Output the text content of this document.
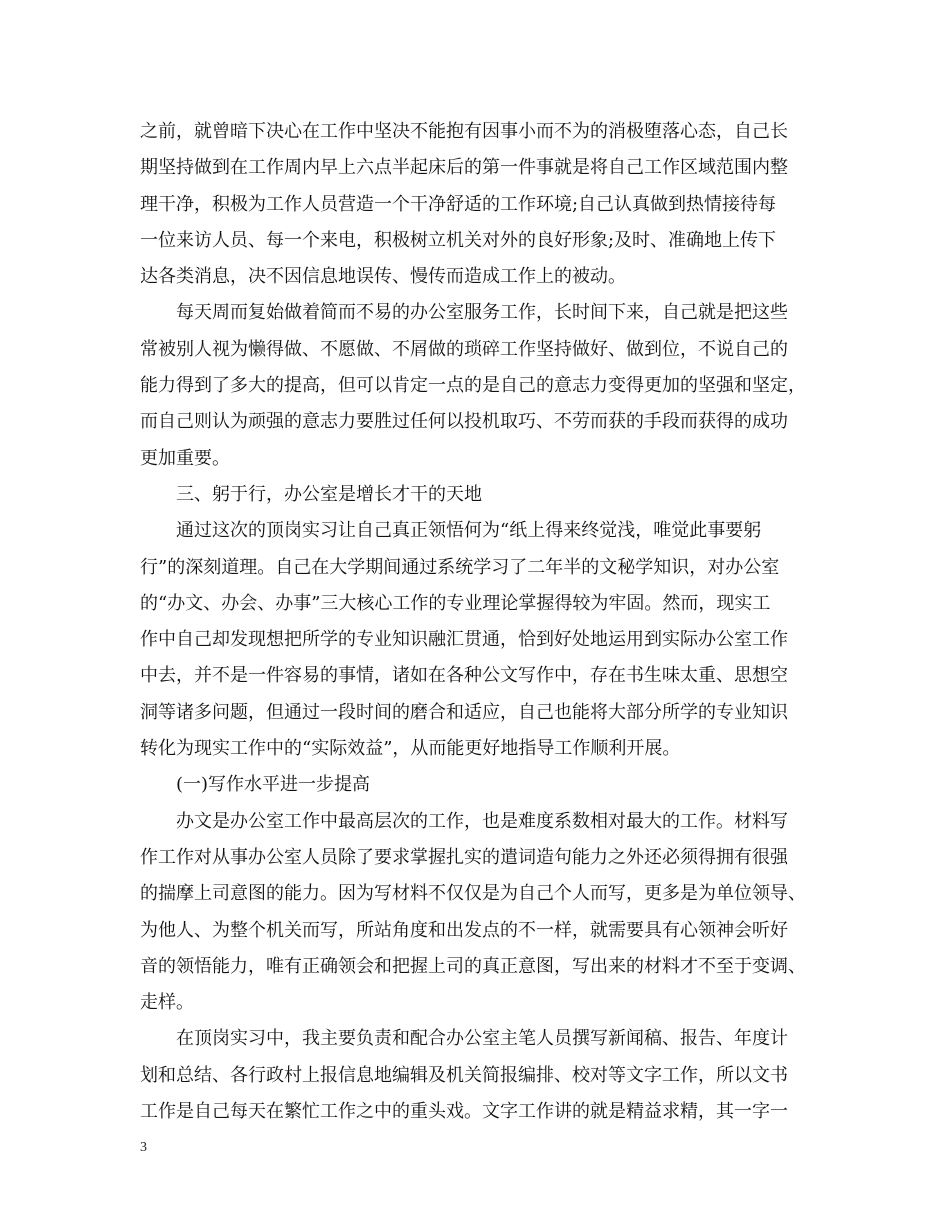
之前，就曾暗下决心在工作中坚决不能抱有因事小而不为的消极堕落心态，自己长
期坚持做到在工作周内早上六点半起床后的第一件事就是将自己工作区域范围内整
理干净，积极为工作人员营造一个干净舒适的工作环境;自己认真做到热情接待每
一位来访人员、每一个来电，积极树立机关对外的良好形象;及时、准确地上传下
达各类消息，决不因信息地误传、慢传而造成工作上的被动。
每天周而复始做着简而不易的办公室服务工作，长时间下来，自己就是把这些
常被别人视为懒得做、不愿做、不屑做的琐碎工作坚持做好、做到位，不说自己的
能力得到了多大的提高，但可以肯定一点的是自己的意志力变得更加的坚强和坚定，
而自己则认为顽强的意志力要胜过任何以投机取巧、不劳而获的手段而获得的成功
更加重要。
三、躬于行，办公室是增长才干的天地
通过这次的顶岗实习让自己真正领悟何为“纸上得来终觉浅，唯觉此事要躬
行”的深刻道理。自己在大学期间通过系统学习了二年半的文秘学知识，对办公室
的“办文、办会、办事”三大核心工作的专业理论掌握得较为牢固。然而，现实工
作中自己却发现想把所学的专业知识融汇贯通，恰到好处地运用到实际办公室工作
中去，并不是一件容易的事情，诸如在各种公文写作中，存在书生味太重、思想空
洞等诸多问题，但通过一段时间的磨合和适应，自己也能将大部分所学的专业知识
转化为现实工作中的“实际效益”，从而能更好地指导工作顺利开展。
(一)写作水平进一步提高
办文是办公室工作中最高层次的工作，也是难度系数相对最大的工作。材料写
作工作对从事办公室人员除了要求掌握扎实的遣词造句能力之外还必须得拥有很强
的揣摩上司意图的能力。因为写材料不仅仅是为自己个人而写，更多是为单位领导、
为他人、为整个机关而写，所站角度和出发点的不一样，就需要具有心领神会听好
音的领悟能力，唯有正确领会和把握上司的真正意图，写出来的材料才不至于变调、
走样。
在顶岗实习中，我主要负责和配合办公室主笔人员撰写新闻稿、报告、年度计
划和总结、各行政村上报信息地编辑及机关简报编排、校对等文字工作，所以文书
工作是自己每天在繁忙工作之中的重头戏。文字工作讲的就是精益求精，其一字一
3
